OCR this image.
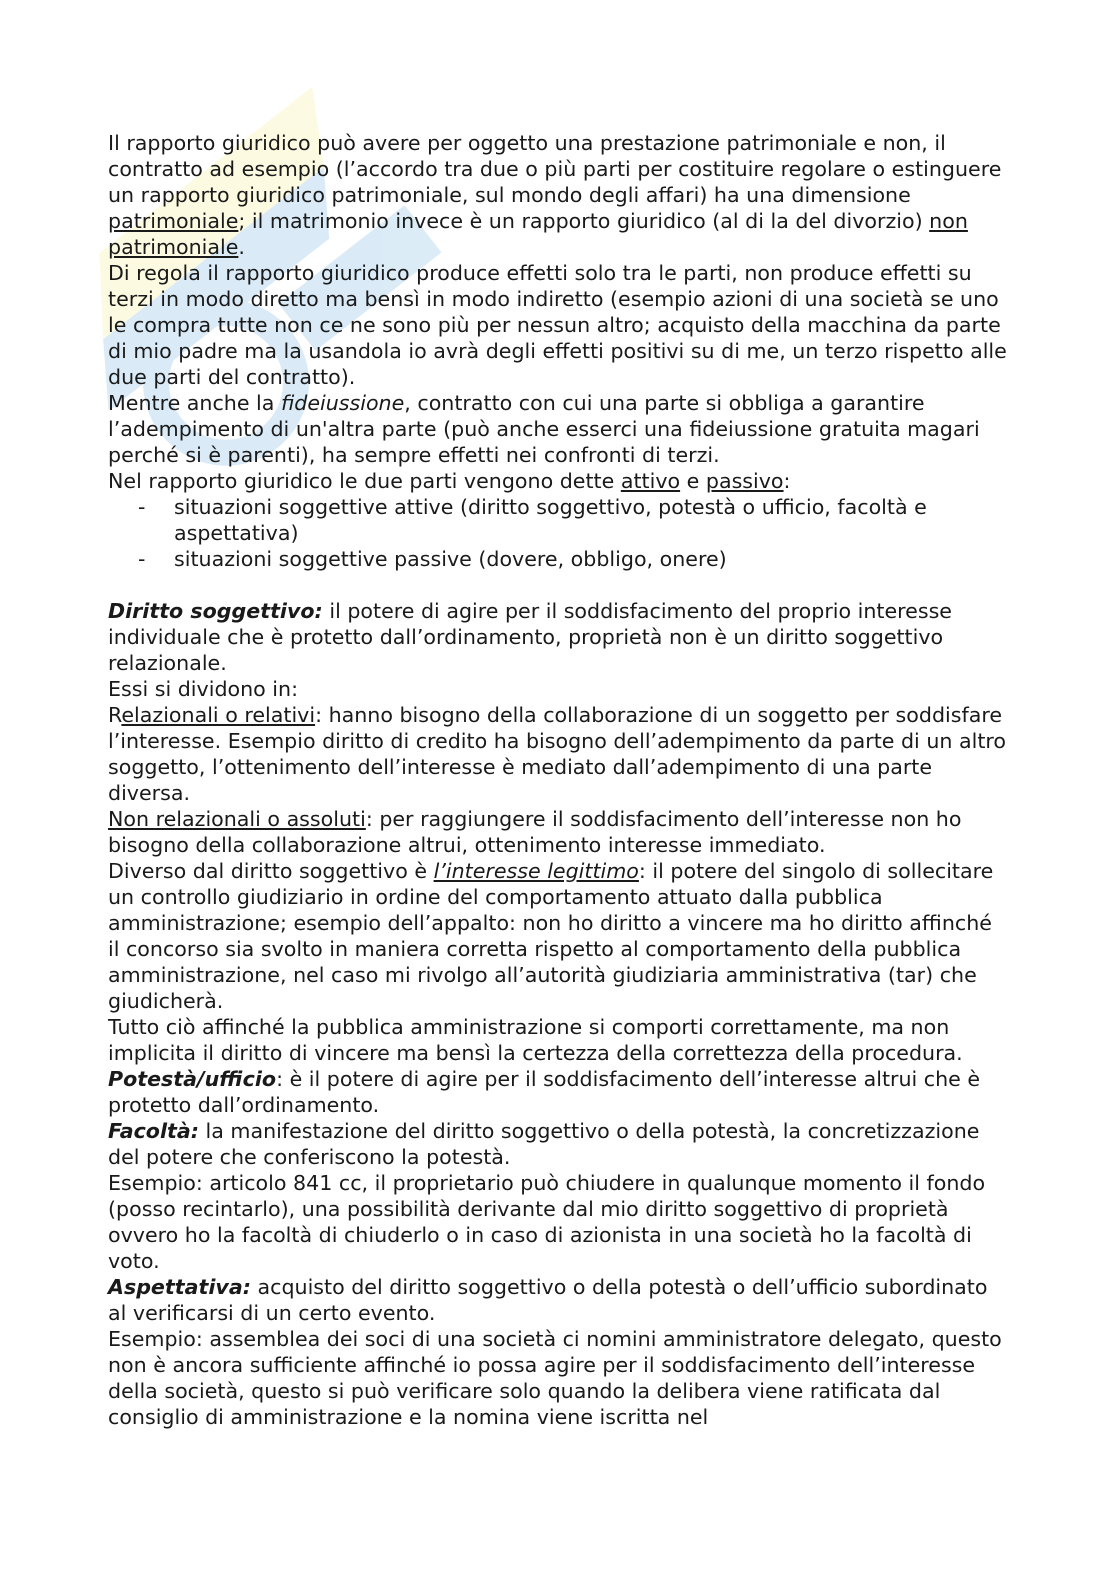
Il rapporto giuridico può avere per oggetto una prestazione patrimoniale e non, il contratto ad esempio (l’accordo tra due o più parti per costituire regolare o estinguere un rapporto giuridico patrimoniale, sul mondo degli affari) ha una dimensione patrimoniale; il matrimonio invece è un rapporto giuridico (al di la del divorzio) non patrimoniale.

Di regola il rapporto giuridico produce effetti solo tra le parti, non produce effetti su terzi in modo diretto ma bensì in modo indiretto (esempio azioni di una società se uno le compra tutte non ce ne sono più per nessun altro; acquisto della macchina da parte di mio padre ma la usandola io avrà degli effetti positivi su di me, un terzo rispetto alle due parti del contratto).

Mentre anche la fideiussione, contratto con cui una parte si obbliga a garantire l’adempimento di un'altra parte (può anche esserci una fideiussione gratuita magari perché si è parenti), ha sempre effetti nei confronti di terzi.

Nel rapporto giuridico le due parti vengono dette attivo e passivo:

- situazioni soggettive attive (diritto soggettivo, potestà o ufficio, facoltà e aspettativa)
- situazioni soggettive passive (dovere, obbligo, onere)

Diritto soggettivo: il potere di agire per il soddisfacimento del proprio interesse individuale che è protetto dall’ordinamento, proprietà non è un diritto soggettivo relazionale.

Essi si dividono in:

Relazionali o relativi: hanno bisogno della collaborazione di un soggetto per soddisfare l’interesse. Esempio diritto di credito ha bisogno dell’adempimento da parte di un altro soggetto, l’ottenimento dell’interesse è mediato dall’adempimento di una parte diversa.

Non relazionali o assoluti: per raggiungere il soddisfacimento dell’interesse non ho bisogno della collaborazione altrui, ottenimento interesse immediato.

Diverso dal diritto soggettivo è l’interesse legittimo: il potere del singolo di sollecitare un controllo giudiziario in ordine del comportamento attuato dalla pubblica amministrazione; esempio dell’appalto: non ho diritto a vincere ma ho diritto affinché il concorso sia svolto in maniera corretta rispetto al comportamento della pubblica amministrazione, nel caso mi rivolgo all’autorità giudiziaria amministrativa (tar) che giudicherà.

Tutto ciò affinché la pubblica amministrazione si comporti correttamente, ma non implicita il diritto di vincere ma bensì la certezza della correttezza della procedura.

Potestà/ufficio: è il potere di agire per il soddisfacimento dell’interesse altrui che è protetto dall’ordinamento.

Facoltà: la manifestazione del diritto soggettivo o della potestà, la concretizzazione del potere che conferiscono la potestà.

Esempio: articolo 841 cc, il proprietario può chiudere in qualunque momento il fondo (posso recintarlo), una possibilità derivante dal mio diritto soggettivo di proprietà ovvero ho la facoltà di chiuderlo o in caso di azionista in una società ho la facoltà di voto.

Aspettativa: acquisto del diritto soggettivo o della potestà o dell’ufficio subordinato al verificarsi di un certo evento.

Esempio: assemblea dei soci di una società ci nomini amministratore delegato, questo non è ancora sufficiente affinché io possa agire per il soddisfacimento dell’interesse della società, questo si può verificare solo quando la delibera viene ratificata dal consiglio di amministrazione e la nomina viene iscritta nel
